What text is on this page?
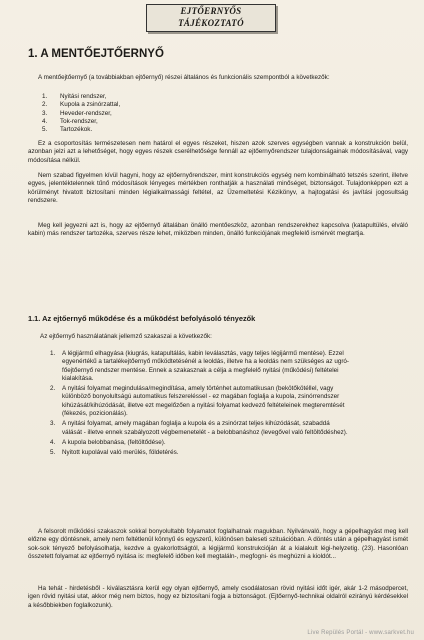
EJTŐERNYŐS
TÁJÉKOZTATÓ
1. A MENTŐEJTŐERNYŐ

A mentőejtőernyő (a továbbiakban ejtőernyő) részei általános és funkcionális szempontból a következők:

1. Nyitási rendszer,
2. Kupola a zsinórzattal,
3. Heveder-rendszer,
4. Tok-rendszer,
5. Tartozékok.

Ez a csoportosítás természetesen nem határol el egyes részeket, hiszen azok szerves egységben vannak a konstrukción belül, azonban jelzi azt a lehetőséget, hogy egyes részek cserélhetősége fennáll az ejtőernyőrendszer tulajdonságainak módosításával, vagy módosítása nélkül.

Nem szabad figyelmen kívül hagyni, hogy az ejtőernyőrendszer, mint konstrukciós egység nem kombinálható tetszés szerint, illetve egyes, jelentéktelennek tűnő módosítások lényeges mértékben ronthatják a használati minőséget, biztonságot. Tulajdonképpen ezt a körülményt hivatott biztosítani minden légialkalmassági feltétel, az Üzemeltetési Kézikönyv, a hajtogatási és javítási jogosultság rendszere.

Meg kell jegyezni azt is, hogy az ejtőernyő általában önálló mentőeszköz, azonban rendszerekhez kapcsolva (katapultülés, elváló kabin) más rendszer tartozéka, szerves része lehet, miközben minden, önálló funkciójának megfelelő ismérvét megtartja.

1.1. Az ejtőernyő működése és a működést befolyásoló tényezők

Az ejtőernyő használatának jellemző szakaszai a következők:

1.	A légijármű elhagyása (kiugrás, katapultálás, kabin leválasztás, vagy teljes légijármű mentése). Ezzel egyenértékű a tartalékejtőernyő működtetésénél a leoldás, illetve ha a leoldás nem szükséges az ugró-főejtőernyő rendszer mentése. Ennek a szakasznak a célja a megfelelő nyitási (működési) feltételei kialakítása.
2.	A nyitási folyamat megindulása/megindítása, amely történhet automatikusan (bekötőkötéllel, vagy különböző bonyolultságú automatikus felszereléssel - ez magában foglalja a kupola, zsinórrendszer kihúzását/kihúzódását, illetve ezt megelőzően a nyitási folyamat kedvező feltételeinek megteremtését (fékezés, pozicionálás).
3.	A nyitási folyamat, amely magában foglalja a kupola és a zsinórzat teljes kihúzódását, szabaddá válását - illetve ennek szabályozott végbemenetelét - a belobbanáshoz (levegővel való feltöltődéshez).
4.	A kupola belobbanása, (feltöltődése).
5.	Nyitott kupolával való merülés, földetérés.

A felsorolt működési szakaszok sokkal bonyolultabb folyamatot foglalhatnak magukban. Nyilvánvaló, hogy a gépelhagyást meg kell előzne egy döntésnek, amely nem feltétlenül könnyű és egyszerű, különösen baleseti szituációban. A döntés után a gépelhagyást ismét sok-sok tényező befolyásolhatja, kezdve a gyakorlottságtól, a légijármű konstrukcióján át a kialakult légi-helyzetig. (23). Hasonlóan összetett folyamat az ejtőernyő nyitása is: megfelelő időben kell megtaláln-, megfogni- és meghúzni a kioldót...

Ha tehát - hirdetésből - kiválasztásra kerül egy olyan ejtőernyő, amely csodálatosan rövid nyitási időt igér, akár 1-2 másodpercet, igen rövid nyitási utat, akkor még nem biztos, hogy ez biztosítani fogja a biztonságot. (Ejtőernyő-technikai oldalról ezirányú kérdésekkel a későbbiekben foglalkozunk).

Live Repülés Portál - www.sarkvet.hu
